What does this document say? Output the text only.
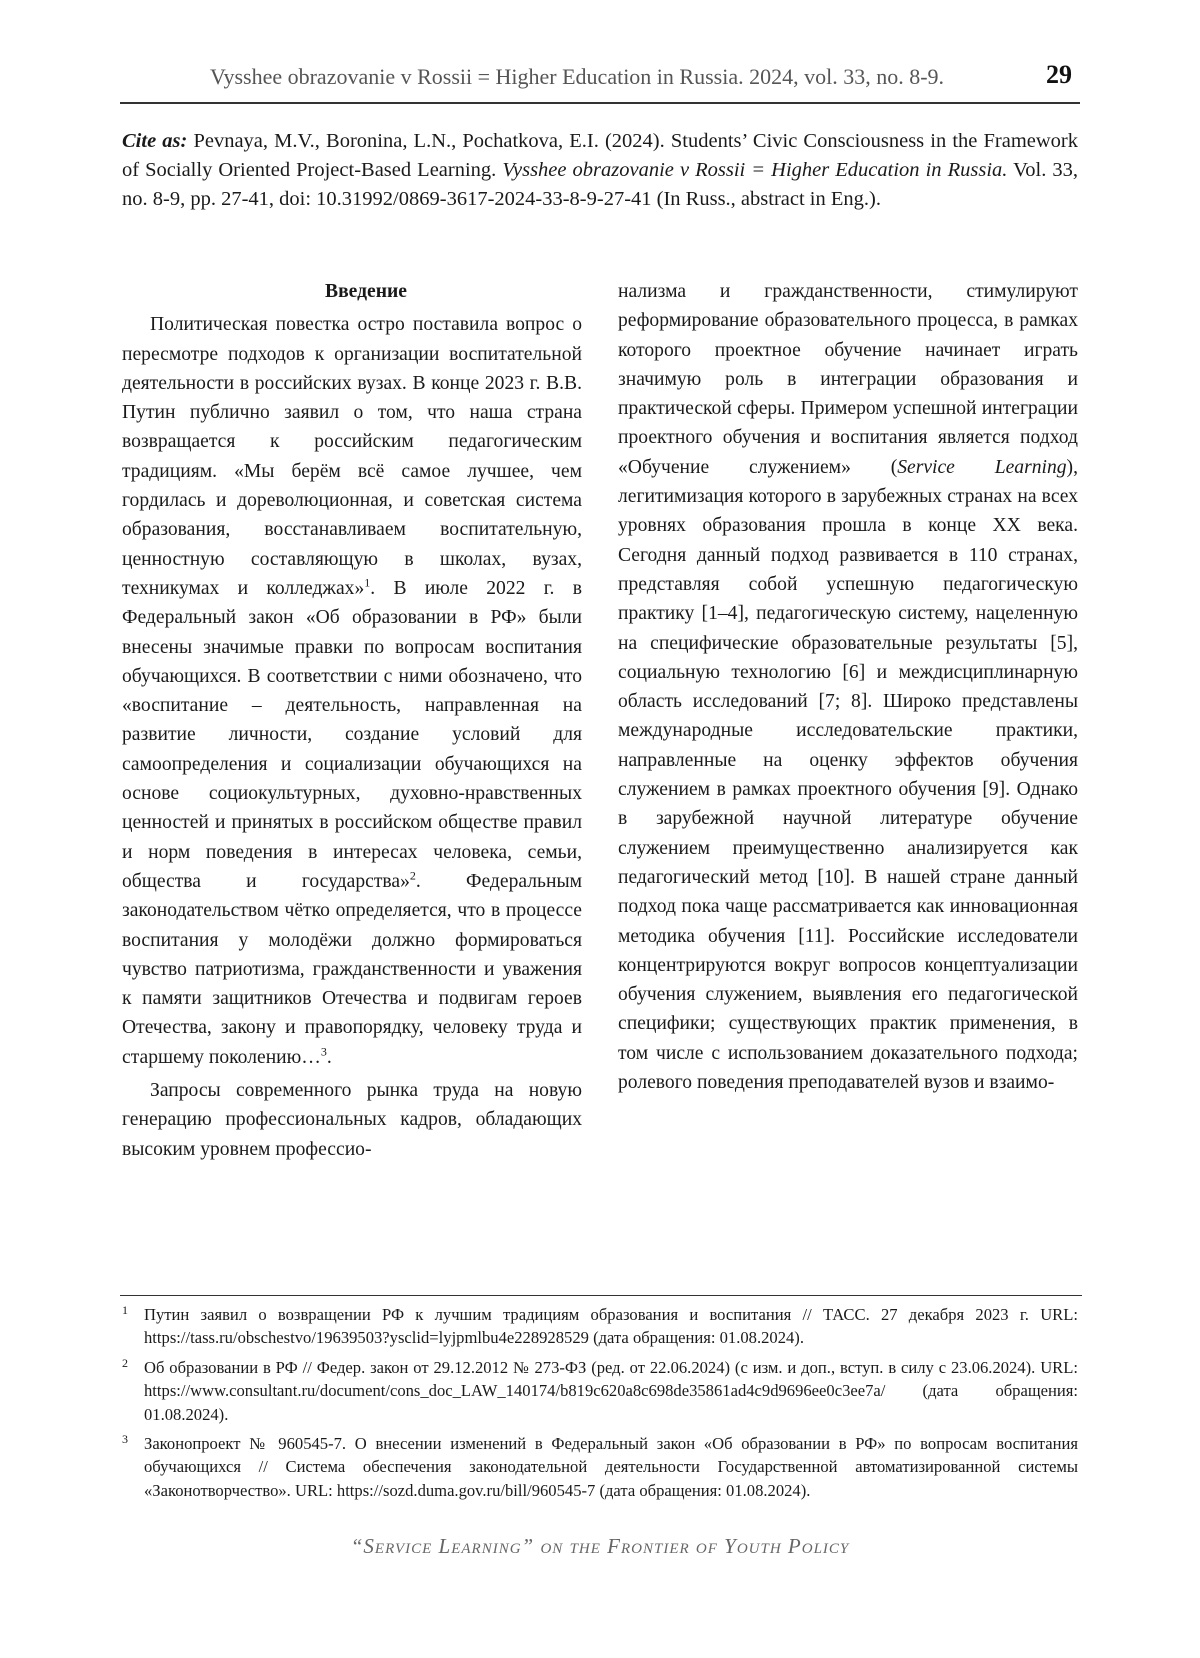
Vysshee obrazovanie v Rossii = Higher Education in Russia. 2024, vol. 33, no. 8-9.	29
Cite as: Pevnaya, M.V., Boronina, L.N., Pochatkova, E.I. (2024). Students’ Civic Consciousness in the Framework of Socially Oriented Project-Based Learning. Vysshee obrazovanie v Rossii = Higher Education in Russia. Vol. 33, no. 8-9, pp. 27-41, doi: 10.31992/0869-3617-2024-33-8-9-27-41 (In Russ., abstract in Eng.).

Введение

Политическая повестка остро поставила вопрос о пересмотре подходов к организации воспитательной деятельности в российских вузах. В конце 2023 г. В.В. Путин публично заявил о том, что наша страна возвращается к российским педагогическим традициям. «Мы берём всё самое лучшее, чем гордилась и дореволюционная, и советская система образования, восстанавливаем воспитательную, ценностную составляющую в школах, вузах, техникумах и колледжах»$^1$. В июле 2022 г. в Федеральный закон «Об образовании в РФ» были внесены значимые правки по вопросам воспитания обучающихся. В соответствии с ними обозначено, что «воспитание – деятельность, направленная на развитие личности, создание условий для самоопределения и социализации обучающихся на основе социокультурных, духовно-нравственных ценностей и принятых в российском обществе правил и норм поведения в интересах человека, семьи, общества и государства»$^2$. Федеральным законодательством чётко определяется, что в процессе воспитания у молодёжи должно формироваться чувство патриотизма, гражданственности и уважения к памяти защитников Отечества и подвигам героев Отечества, закону и правопорядку, человеку труда и старшему поколению…$^3$.

Запросы современного рынка труда на новую генерацию профессиональных кадров, обладающих высоким уровнем профессио-

нализма и гражданственности, стимулируют реформирование образовательного процесса, в рамках которого проектное обучение начинает играть значимую роль в интеграции образования и практической сферы. Примером успешной интеграции проектного обучения и воспитания является подход «Обучение служением» (Service Learning), легитимизация которого в зарубежных странах на всех уровнях образования прошла в конце XX века. Сегодня данный подход развивается в 110 странах, представляя собой успешную педагогическую практику [1–4], педагогическую систему, нацеленную на специфические образовательные результаты [5], социальную технологию [6] и междисциплинарную область исследований [7; 8]. Широко представлены международные исследовательские практики, направленные на оценку эффектов обучения служением в рамках проектного обучения [9]. Однако в зарубежной научной литературе обучение служением преимущественно анализируется как педагогический метод [10]. В нашей стране данный подход пока чаще рассматривается как инновационная методика обучения [11]. Российские исследователи концентрируются вокруг вопросов концептуализации обучения служением, выявления его педагогической специфики; существующих практик применения, в том числе с использованием доказательного подхода; ролевого поведения преподавателей вузов и взаимо-

1 Путин заявил о возвращении РФ к лучшим традициям образования и воспитания // ТАСС. 27 декабря 2023 г. URL: https://tass.ru/obschestvo/19639503?ysclid=lyjpmlbu4e228928529 (дата обращения: 01.08.2024).
2 Об образовании в РФ // Федер. закон от 29.12.2012 № 273-ФЗ (ред. от 22.06.2024) (с изм. и доп., вступ. в силу с 23.06.2024). URL: https://www.consultant.ru/document/cons_doc_LAW_140174/b819c620a8c698de35861ad4c9d9696ee0c3ee7a/ (дата обращения: 01.08.2024).
3 Законопроект № 960545-7. О внесении изменений в Федеральный закон «Об образовании в РФ» по вопросам воспитания обучающихся // Система обеспечения законодательной деятельности Государственной автоматизированной системы «Законотворчество». URL: https://sozd.duma.gov.ru/bill/960545-7 (дата обращения: 01.08.2024).
“Service Learning” on the Frontier of Youth Policy
